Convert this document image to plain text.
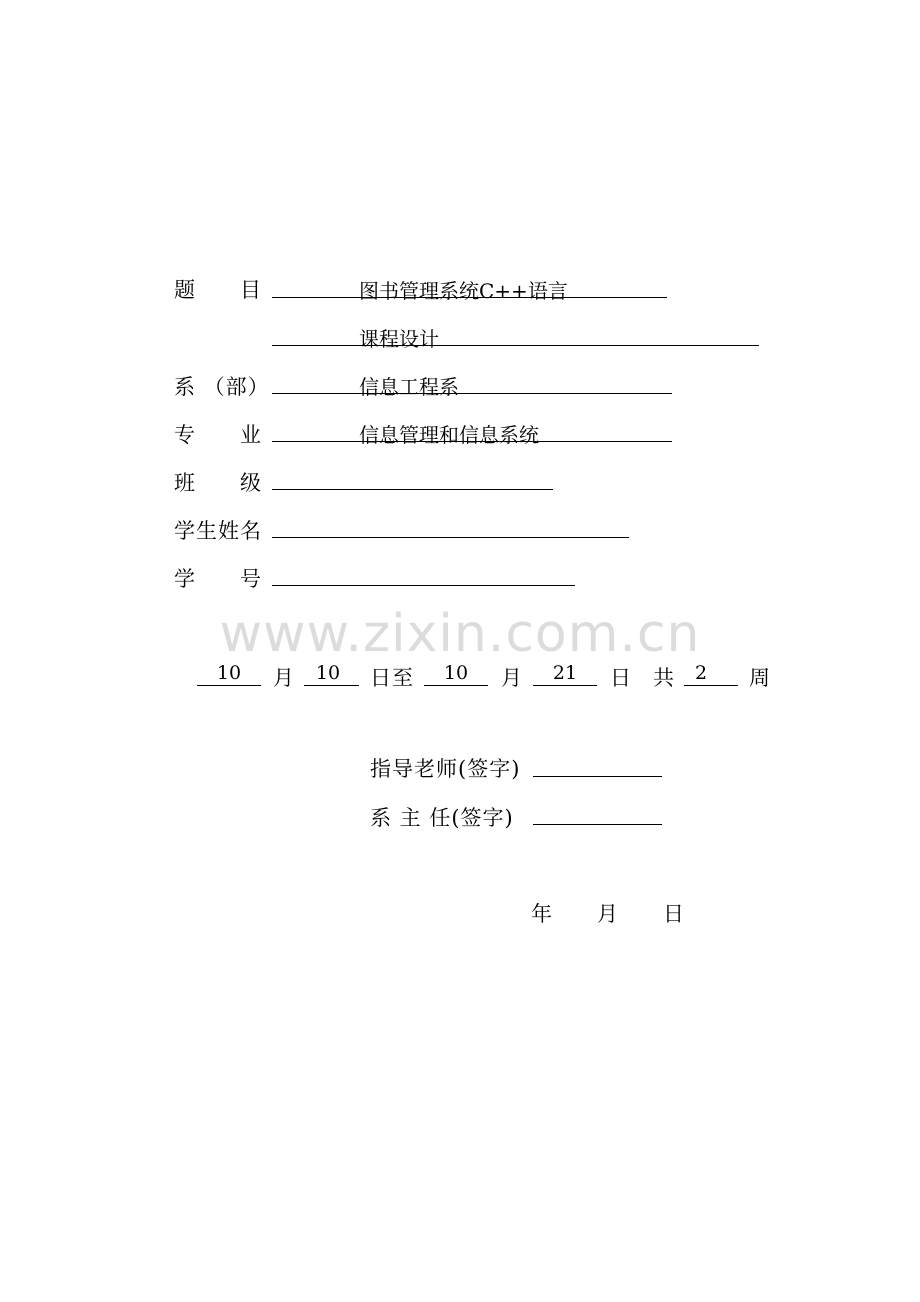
www.zixin.com.cn
题 目	图书管理系统C++语言
课程设计
系 （部）	信息工程系
专 业	信息管理和信息系统
班 级
学生姓名
学 号
10	月	10	日至	10	月	21	日 共	2	周
指导老师(签字)
系 主 任(签字)
年 月 日
